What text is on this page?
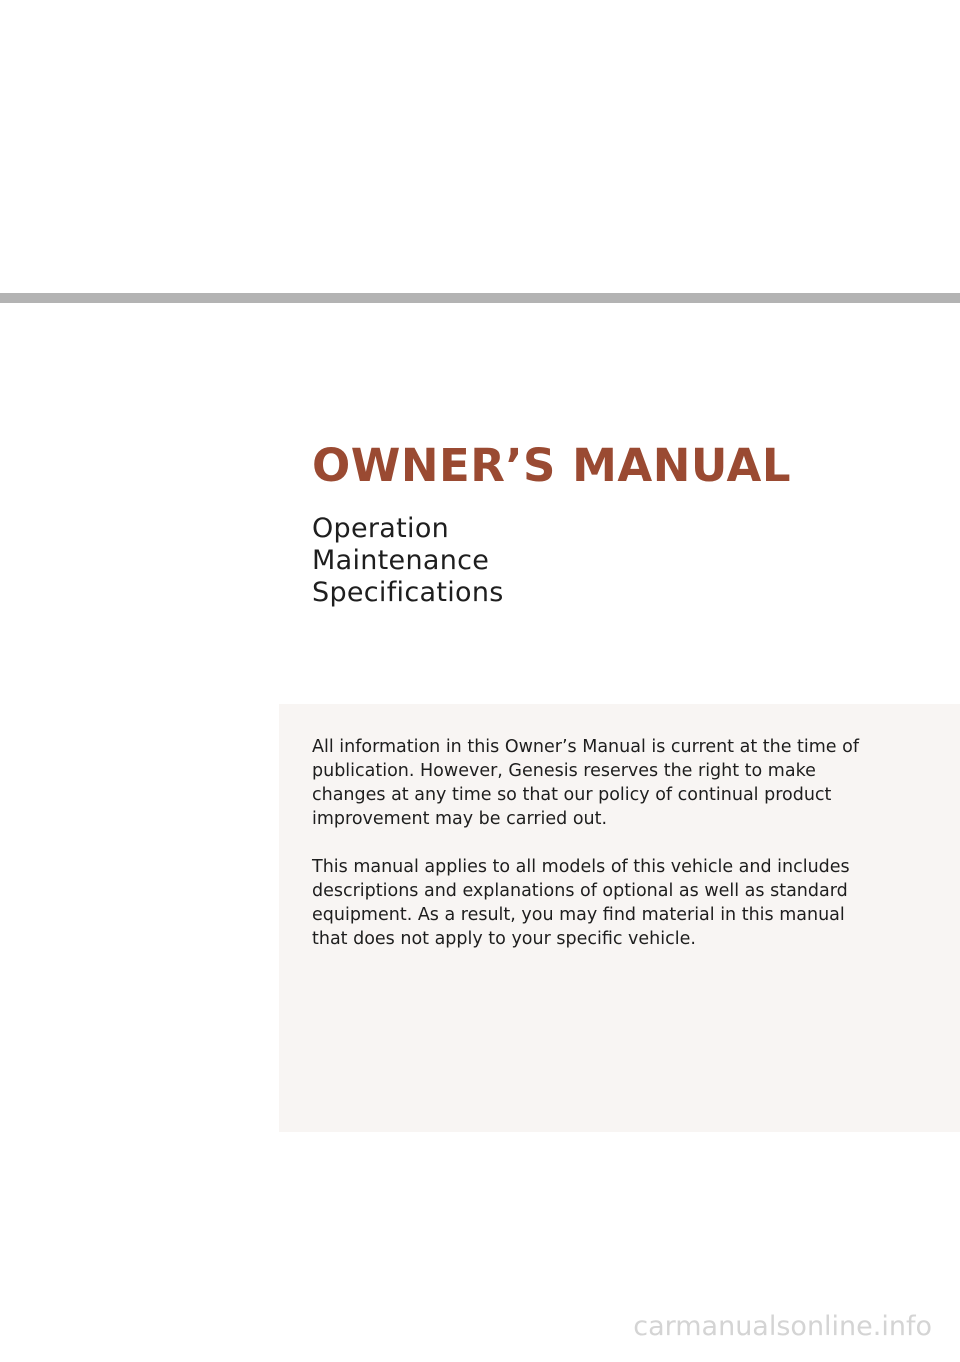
OWNER’S MANUAL
Operation
Maintenance
Specifications

All information in this Owner’s Manual is current at the time of publication. However, Genesis reserves the right to make changes at any time so that our policy of continual product improvement may be carried out.

This manual applies to all models of this vehicle and includes descriptions and explanations of optional as well as standard equipment. As a result, you may find material in this manual that does not apply to your specific vehicle.

carmanualsonline.info
